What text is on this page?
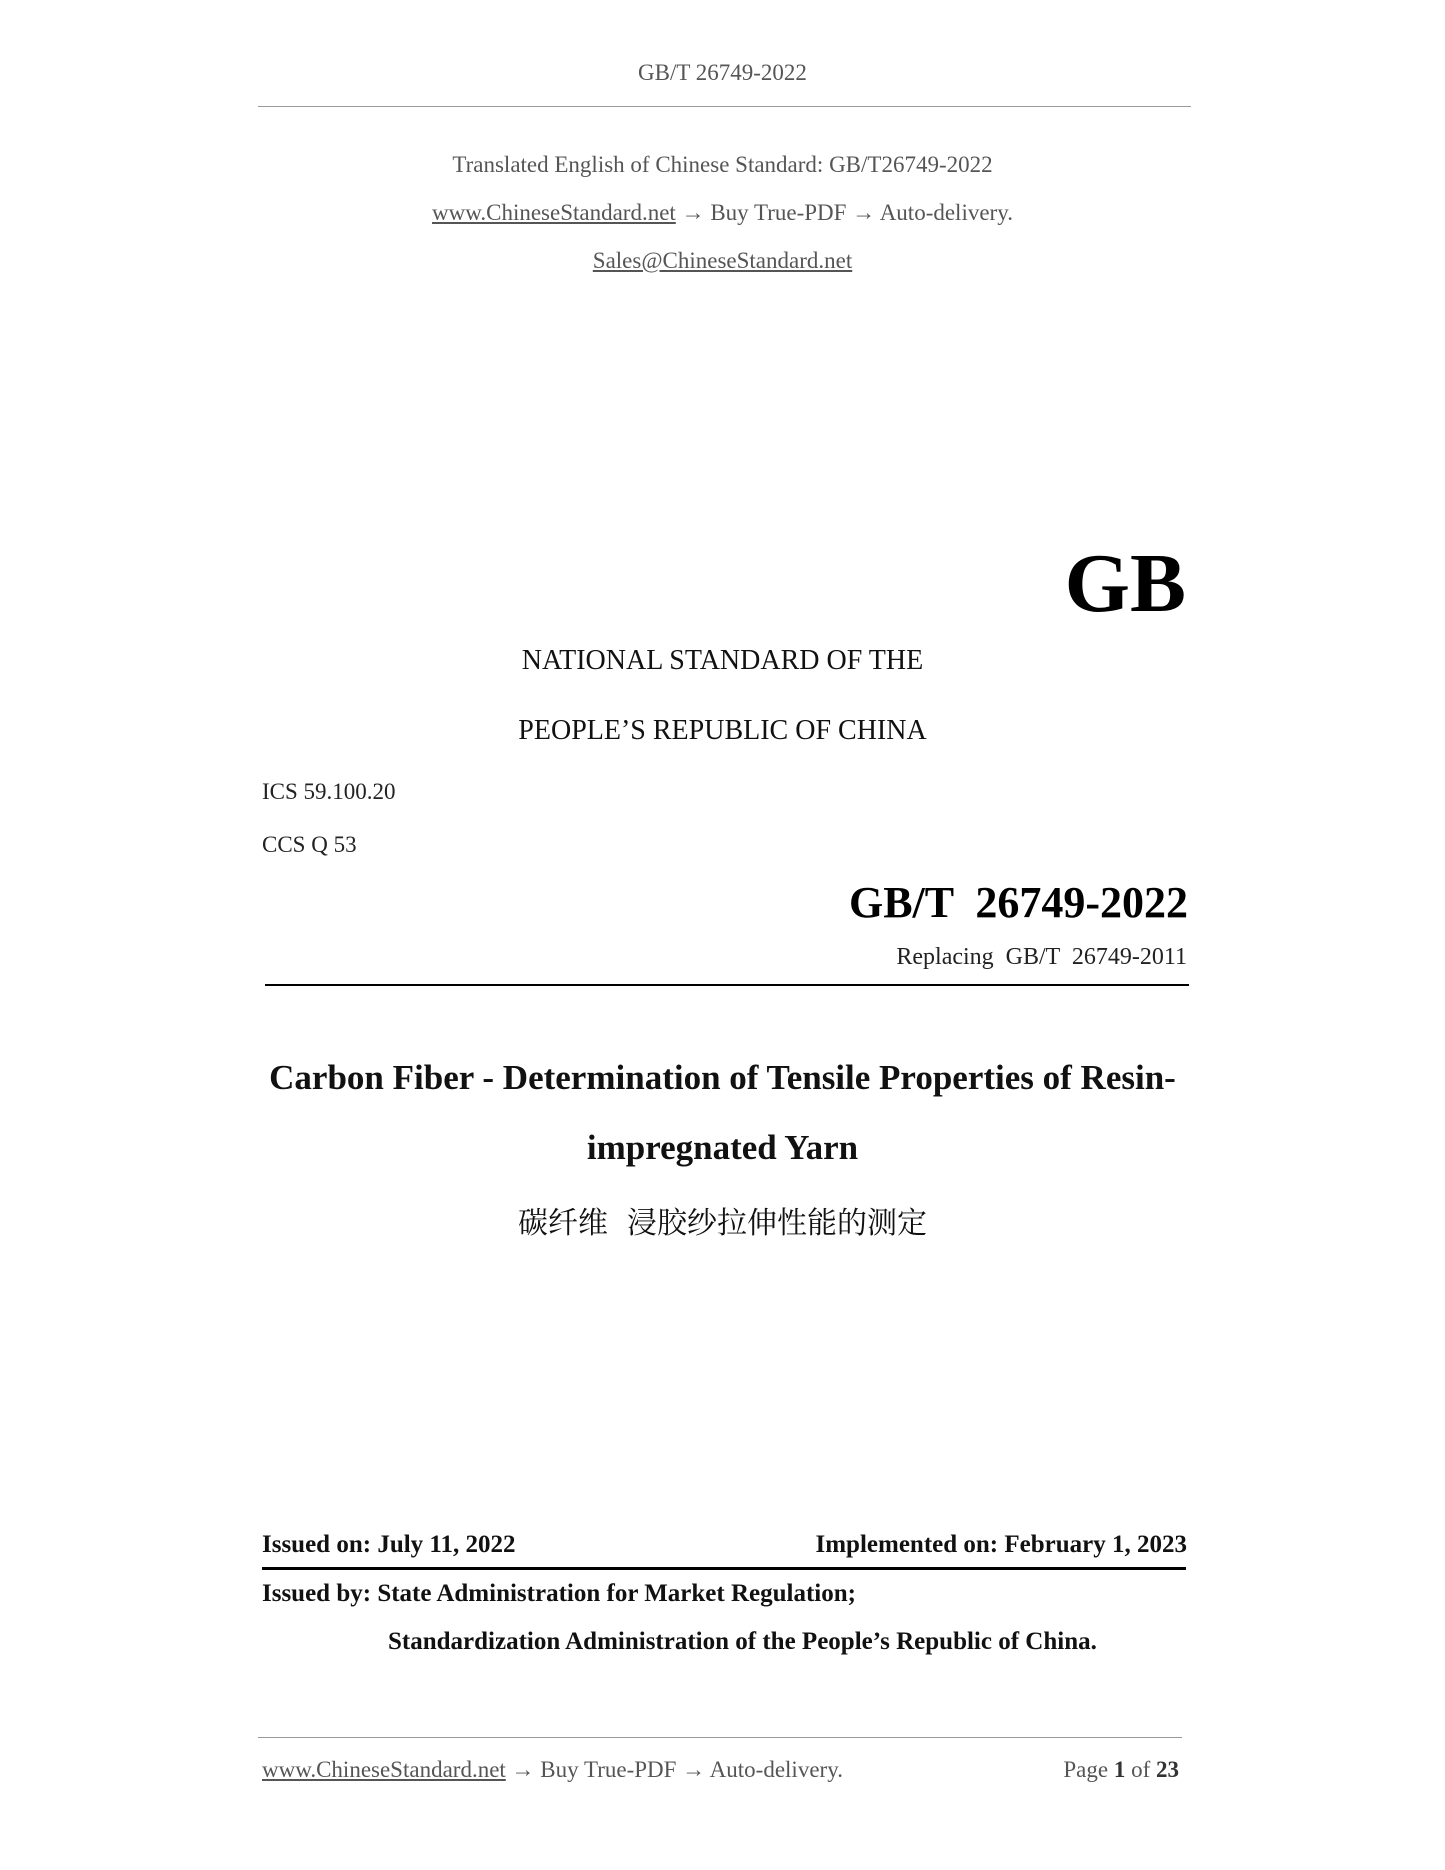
GB/T 26749-2022
Translated English of Chinese Standard: GB/T26749-2022
www.ChineseStandard.net → Buy True-PDF → Auto-delivery.
Sales@ChineseStandard.net
GB
NATIONAL STANDARD OF THE
PEOPLE’S REPUBLIC OF CHINA
ICS 59.100.20
CCS Q 53
GB/T  26749-2022
Replacing  GB/T  26749-2011
Carbon Fiber - Determination of Tensile Properties of Resin-
impregnated Yarn
碳纤维  浸胶纱拉伸性能的测定
Issued on: July 11, 2022	Implemented on: February 1, 2023
Issued by: State Administration for Market Regulation;
Standardization Administration of the People’s Republic of China.
www.ChineseStandard.net → Buy True-PDF → Auto-delivery.	Page 1 of 23
